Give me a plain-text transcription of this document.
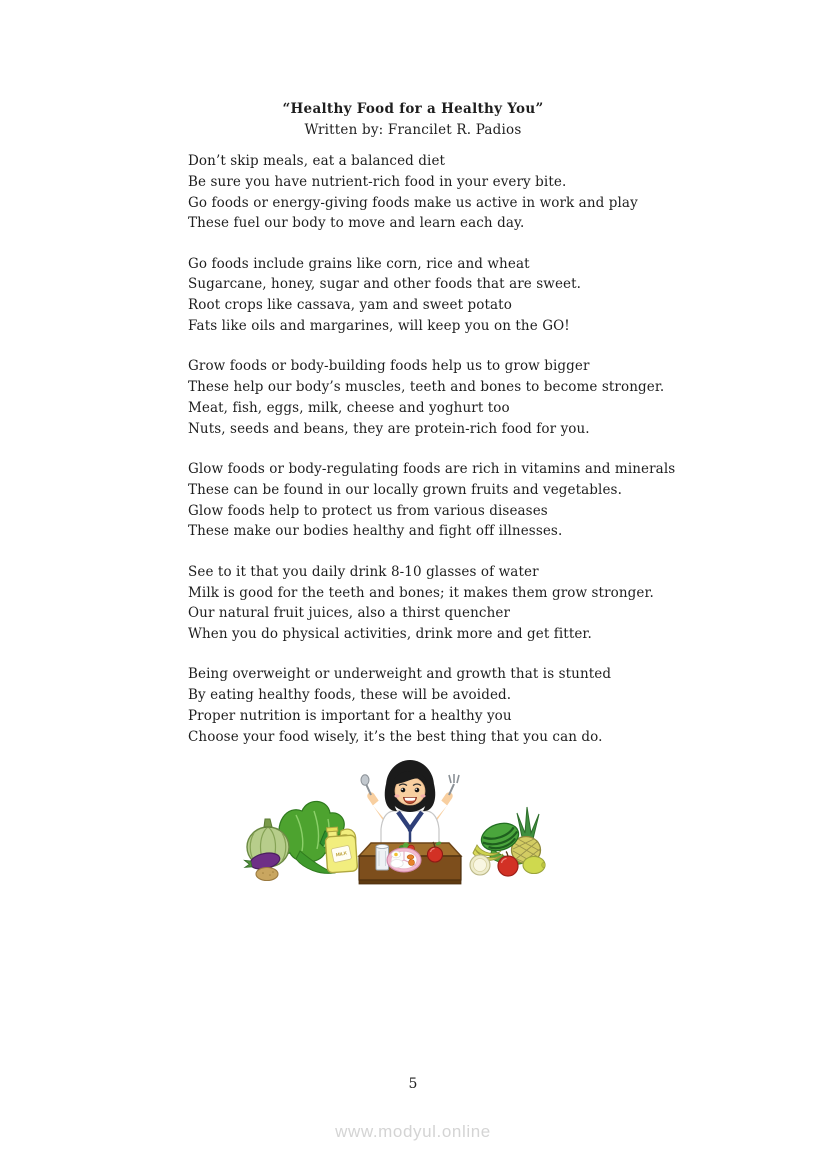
“Healthy Food for a Healthy You”
Written by: Francilet R. Padios

Don’t skip meals, eat a balanced diet

Be sure you have nutrient-rich food in your every bite.

Go foods or energy-giving foods make us active in work and play

These fuel our body to move and learn each day.

Go foods include grains like corn, rice and wheat

Sugarcane, honey, sugar and other foods that are sweet.

Root crops like cassava, yam and sweet potato

Fats like oils and margarines, will keep you on the GO!

Grow foods or body-building foods help us to grow bigger

These help our body’s muscles, teeth and bones to become stronger.

Meat, fish, eggs, milk, cheese and yoghurt too

Nuts, seeds and beans, they are protein-rich food for you.

Glow foods or body-regulating foods are rich in vitamins and minerals

These can be found in our locally grown fruits and vegetables.

Glow foods help to protect us from various diseases

These make our bodies healthy and fight off illnesses.

See to it that you daily drink 8-10 glasses of water

Milk is good for the teeth and bones; it makes them grow stronger.

Our natural fruit juices, also a thirst quencher

When you do physical activities, drink more and get fitter.

Being overweight or underweight and growth that is stunted

By eating healthy foods, these will be avoided.

Proper nutrition is important for a healthy you

Choose your food wisely, it’s the best thing that you can do.

MILK
5
www.modyul.online
